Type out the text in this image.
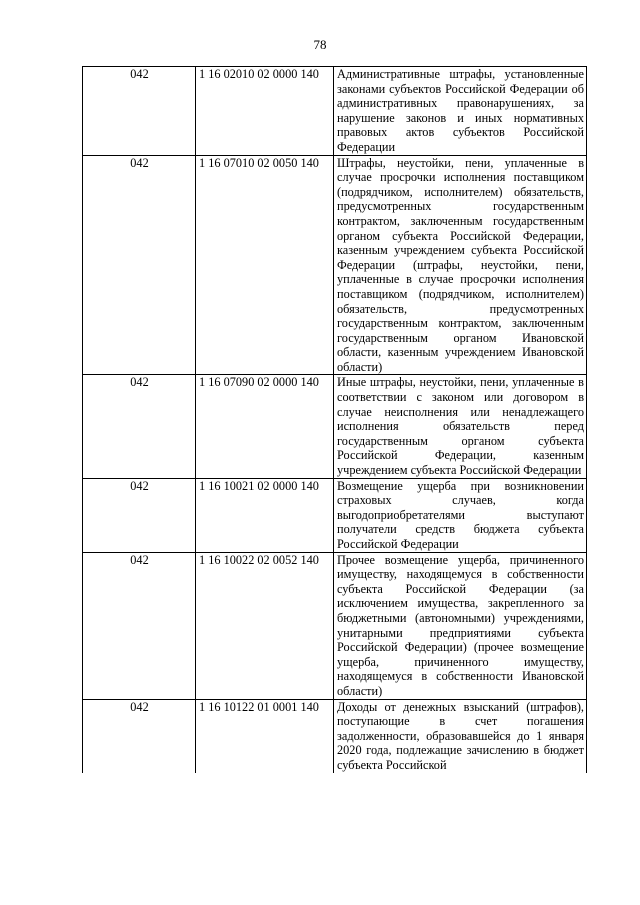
78
042	1 16 02010 02 0000 140	Административные штрафы, установленные законами субъектов Российской Федерации об административных правонарушениях, за нарушение законов и иных нормативных правовых актов субъектов Российской Федерации
042	1 16 07010 02 0050 140	Штрафы, неустойки, пени, уплаченные в случае просрочки исполнения поставщиком (подрядчиком, исполнителем) обязательств, предусмотренных государственным контрактом, заключенным государственным органом субъекта Российской Федерации, казенным учреждением субъекта Российской Федерации (штрафы, неустойки, пени, уплаченные в случае просрочки исполнения поставщиком (подрядчиком, исполнителем) обязательств, предусмотренных государственным контрактом, заключенным государственным органом Ивановской области, казенным учреждением Ивановской области)
042	1 16 07090 02 0000 140	Иные штрафы, неустойки, пени, уплаченные в соответствии с законом или договором в случае неисполнения или ненадлежащего исполнения обязательств перед государственным органом субъекта Российской Федерации, казенным учреждением субъекта Российской Федерации
042	1 16 10021 02 0000 140	Возмещение ущерба при возникновении страховых случаев, когда выгодоприобретателями выступают получатели средств бюджета субъекта Российской Федерации
042	1 16 10022 02 0052 140	Прочее возмещение ущерба, причиненного имуществу, находящемуся в собственности субъекта Российской Федерации (за исключением имущества, закрепленного за бюджетными (автономными) учреждениями, унитарными предприятиями субъекта Российской Федерации) (прочее возмещение ущерба, причиненного имуществу, находящемуся в собственности Ивановской области)
042	1 16 10122 01 0001 140	Доходы от денежных взысканий (штрафов), поступающие в счет погашения задолженности, образовавшейся до 1 января 2020 года, подлежащие зачислению в бюджет субъекта Российской
